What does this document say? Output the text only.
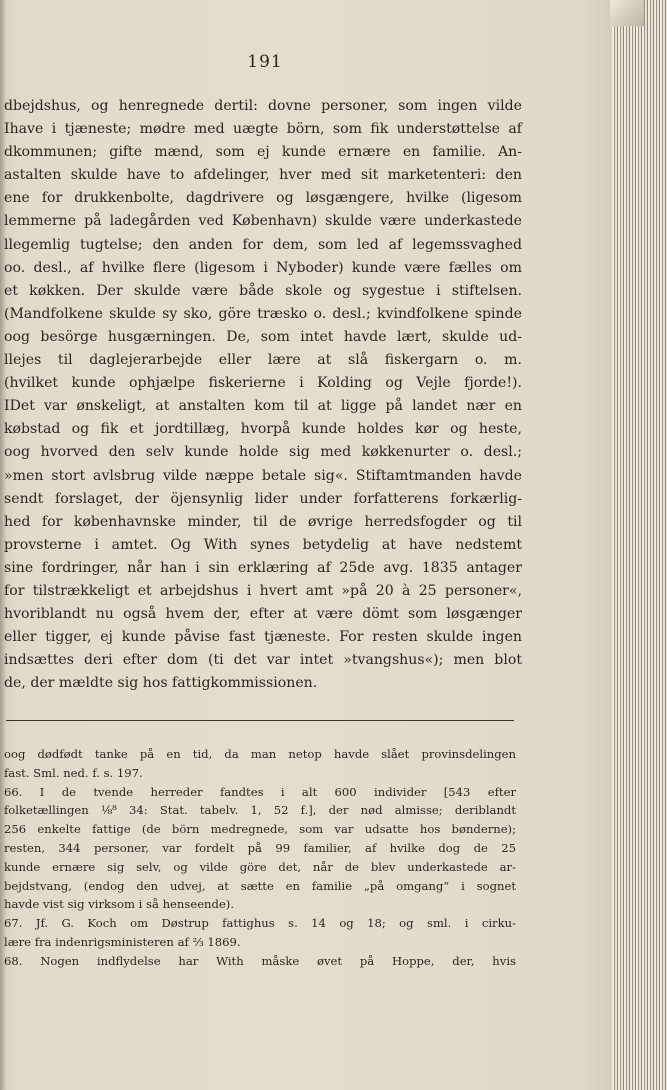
191
dbejdshus, og henregnede dertil: dovne personer, som ingen vilde
Ihave i tjæneste; mødre med uægte börn, som fik understøttelse af
dkommunen; gifte mænd, som ej kunde ernære en familie. An-
astalten skulde have to afdelinger, hver med sit marketenteri: den
ene for drukkenbolte, dagdrivere og løsgængere, hvilke (ligesom
lemmerne på ladegården ved København) skulde være underkastede
llegemlig tugtelse; den anden for dem, som led af legemssvaghed
oo. desl., af hvilke flere (ligesom i Nyboder) kunde være fælles om
et køkken. Der skulde være både skole og sygestue i stiftelsen.
(Mandfolkene skulde sy sko, göre træsko o. desl.; kvindfolkene spinde
oog besörge husgærningen. De, som intet havde lært, skulde ud-
llejes til daglejerarbejde eller lære at slå fiskergarn o. m.
(hvilket kunde ophjælpe fiskerierne i Kolding og Vejle fjorde!).
IDet var ønskeligt, at anstalten kom til at ligge på landet nær en
købstad og fik et jordtillæg, hvorpå kunde holdes kør og heste,
oog hvorved den selv kunde holde sig med køkkenurter o. desl.;
»men stort avlsbrug vilde næppe betale sig«. Stiftamtmanden havde
sendt forslaget, der öjensynlig lider under forfatterens forkærlig-
hed for københavnske minder, til de øvrige herredsfogder og til
provsterne i amtet. Og With synes betydelig at have nedstemt
sine fordringer, når han i sin erklæring af 25de avg. 1835 antager
for tilstrækkeligt et arbejdshus i hvert amt »på 20 à 25 personer«,
hvoriblandt nu også hvem der, efter at være dömt som løsgænger
eller tigger, ej kunde påvise fast tjæneste. For resten skulde ingen
indsættes deri efter dom (ti det var intet »tvangshus«); men blot
de, der mældte sig hos fattigkommissionen.
oog dødfødt tanke på en tid, da man netop havde slået provinsdelingen
fast. Sml. ned. f. s. 197.
66. I de tvende herreder fandtes i alt 600 individer [543 efter
folketællingen ⅛⁸ 34: Stat. tabelv. 1, 52 f.], der nød almisse; deriblandt
256 enkelte fattige (de börn medregnede, som var udsatte hos bønderne);
resten, 344 personer, var fordelt på 99 familier, af hvilke dog de 25
kunde ernære sig selv, og vilde göre det, når de blev underkastede ar-
bejdstvang, (endog den udvej, at sætte en familie „på omgang“ i sognet
havde vist sig virksom i så henseende).
67. Jf. G. Koch om Døstrup fattighus s. 14 og 18; og sml. i cirku-
lære fra indenrigsministeren af ⅔ 1869.
68. Nogen indflydelse har With måske øvet på Hoppe, der, hvis
